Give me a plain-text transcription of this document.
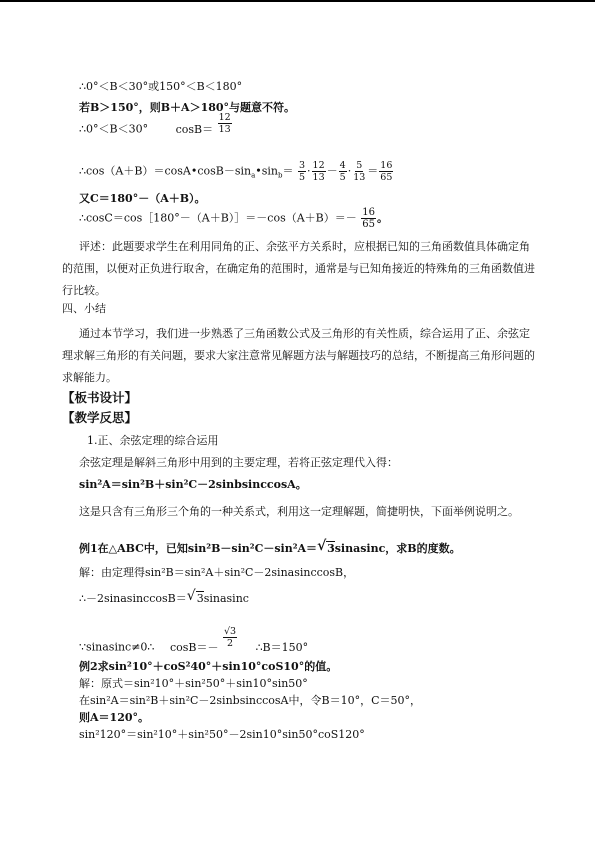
∴0°＜B＜30°或150°＜B＜180°
若B＞150°，则B＋A＞180°与题意不符。
∴0°＜B＜30°	$\cos B= \frac{12}{13}$
$\therefore\cos(A+B)=\cos A•\cos B-\sin_a•\sin_b= \frac{3}{5} \cdot \frac{12}{13} - \frac{4}{5} \cdot \frac{5}{13} = \frac{16}{65}$
又C＝180°－（A＋B）。
∴cosC＝cos［180°－（A＋B）］＝－cos（A＋B）＝－ $\frac{16}{65}$ 。
评述：此题要求学生在利用同角的正、余弦平方关系时，应根据已知的三角函数值具体确定角的范围，以便对正负进行取舍，在确定角的范围时，通常是与已知角接近的特殊角的三角函数值进行比较。
四、小结
通过本节学习，我们进一步熟悉了三角函数公式及三角形的有关性质，综合运用了正、余弦定理求解三角形的有关问题，要求大家注意常见解题方法与解题技巧的总结，不断提高三角形问题的求解能力。
【板书设计】
【教学反思】
1.正、余弦定理的综合运用
余弦定理是解斜三角形中用到的主要定理，若将正弦定理代入得：
sin²A＝sin²B＋sin²C－2sinbsinccosA。
这是只含有三角形三个角的一种关系式，利用这一定理解题，简捷明快，下面举例说明之。
例1在△ABC中，已知sin²B－sin²C－sin²A＝ √ 3sinasinc，求B的度数。
解：由定理得sin²B＝sin²A＋sin²C－2sinasinccosB，
∴－2sinasinccosB＝ √ 3sinasinc
∵sinasinc≠0∴ $\cos B=- \frac{√3}{2}$ ∴B＝150°
例2求sin²10°＋coS²40°＋sin10°coS10°的值。
解：原式＝sin²10°＋sin²50°＋sin10°sin50°
在sin²A＝sin²B＋sin²C－2sinbsinccosA中，令B＝10°，C＝50°，
则A＝120°。
sin²120°＝sin²10°＋sin²50°－2sin10°sin50°coS120°
